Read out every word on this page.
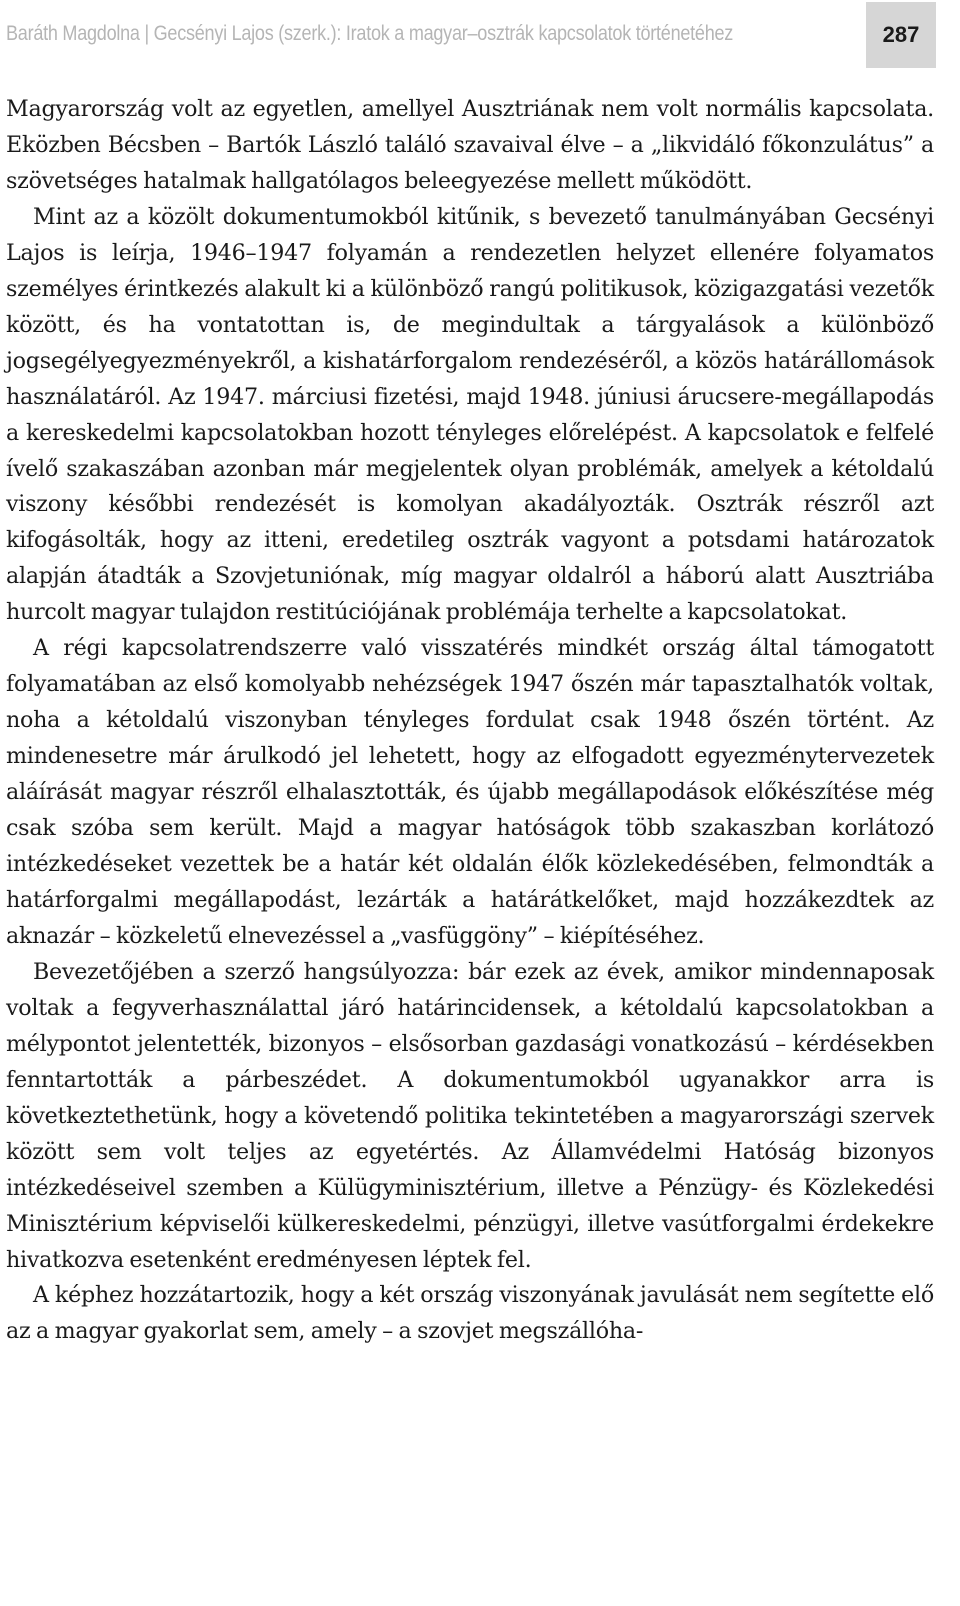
Baráth Magdolna | Gecsényi Lajos (szerk.): Iratok a magyar–osztrák kapcsolatok történetéhez	287

Magyarország volt az egyetlen, amellyel Ausztriának nem volt normális kapcsolata. Eközben Bécsben – Bartók László találó szavaival élve – a „likvidáló főkonzulátus” a szövetséges hatalmak hallgatólagos beleegyezése mellett működött.

Mint az a közölt dokumentumokból kitűnik, s bevezető tanulmányában Gecsényi Lajos is leírja, 1946–1947 folyamán a rendezetlen helyzet ellenére folyamatos személyes érintkezés alakult ki a különböző rangú politikusok, közigazgatási vezetők között, és ha vontatottan is, de megindultak a tárgyalások a különböző jogsegélyegyezményekről, a kishatárforgalom rendezéséről, a közös határállomások használatáról. Az 1947. márciusi fizetési, majd 1948. júniusi árucsere-megállapodás a kereskedelmi kapcsolatokban hozott tényleges előrelépést. A kapcsolatok e felfelé ívelő szakaszában azonban már megjelentek olyan problémák, amelyek a kétoldalú viszony későbbi rendezését is komolyan akadályozták. Osztrák részről azt kifogásolták, hogy az itteni, eredetileg osztrák vagyont a potsdami határozatok alapján átadták a Szovjetuniónak, míg magyar oldalról a háború alatt Ausztriába hurcolt magyar tulajdon restitúciójának problémája terhelte a kapcsolatokat.

A régi kapcsolatrendszerre való visszatérés mindkét ország által támogatott folyamatában az első komolyabb nehézségek 1947 őszén már tapasztalhatók voltak, noha a kétoldalú viszonyban tényleges fordulat csak 1948 őszén történt. Az mindenesetre már árulkodó jel lehetett, hogy az elfogadott egyezménytervezetek aláírását magyar részről elhalasztották, és újabb megállapodások előkészítése még csak szóba sem került. Majd a magyar hatóságok több szakaszban korlátozó intézkedéseket vezettek be a határ két oldalán élők közlekedésében, felmondták a határforgalmi megállapodást, lezárták a határátkelőket, majd hozzákezdtek az aknazár – közkeletű elnevezéssel a „vasfüggöny” – kiépítéséhez.

Bevezetőjében a szerző hangsúlyozza: bár ezek az évek, amikor mindennaposak voltak a fegyverhasználattal járó határincidensek, a kétoldalú kapcsolatokban a mélypontot jelentették, bizonyos – elsősorban gazdasági vonatkozású – kérdésekben fenntartották a párbeszédet. A dokumentumokból ugyanakkor arra is következtethetünk, hogy a követendő politika tekintetében a magyarországi szervek között sem volt teljes az egyetértés. Az Államvédelmi Hatóság bizonyos intézkedéseivel szemben a Külügyminisztérium, illetve a Pénzügy- és Közlekedési Minisztérium képviselői külkereskedelmi, pénzügyi, illetve vasútforgalmi érdekekre hivatkozva esetenként eredményesen léptek fel.

A képhez hozzátartozik, hogy a két ország viszonyának javulását nem segítette elő az a magyar gyakorlat sem, amely – a szovjet megszállóha-
